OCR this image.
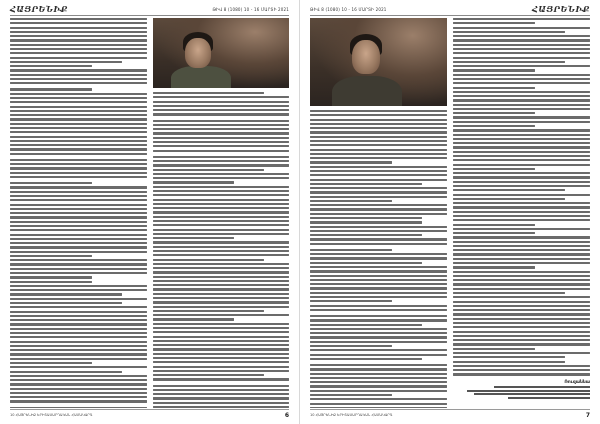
ՀԱՅՐԵՆԻՔ	ԹԻՎ 8 (1080) 10 - 16 ՄԱՐՏԻ 2021
10 ՀԱՅՐԵՆԻՔ ԵՐԻՏԱՍԱՐԴԱԿԱՆ ՀԱՄԱԿԱՐԳ	6
ԹԻՎ 8 (1080) 10 - 16 ՄԱՐՏԻ 2021	ՀԱՅՐԵՆԻՔ
Ռուզաննա
10 ՀԱՅՐԵՆԻՔ ԵՐԻՏԱՍԱՐԴԱԿԱՆ ՀԱՄԱԿԱՐԳ	7
